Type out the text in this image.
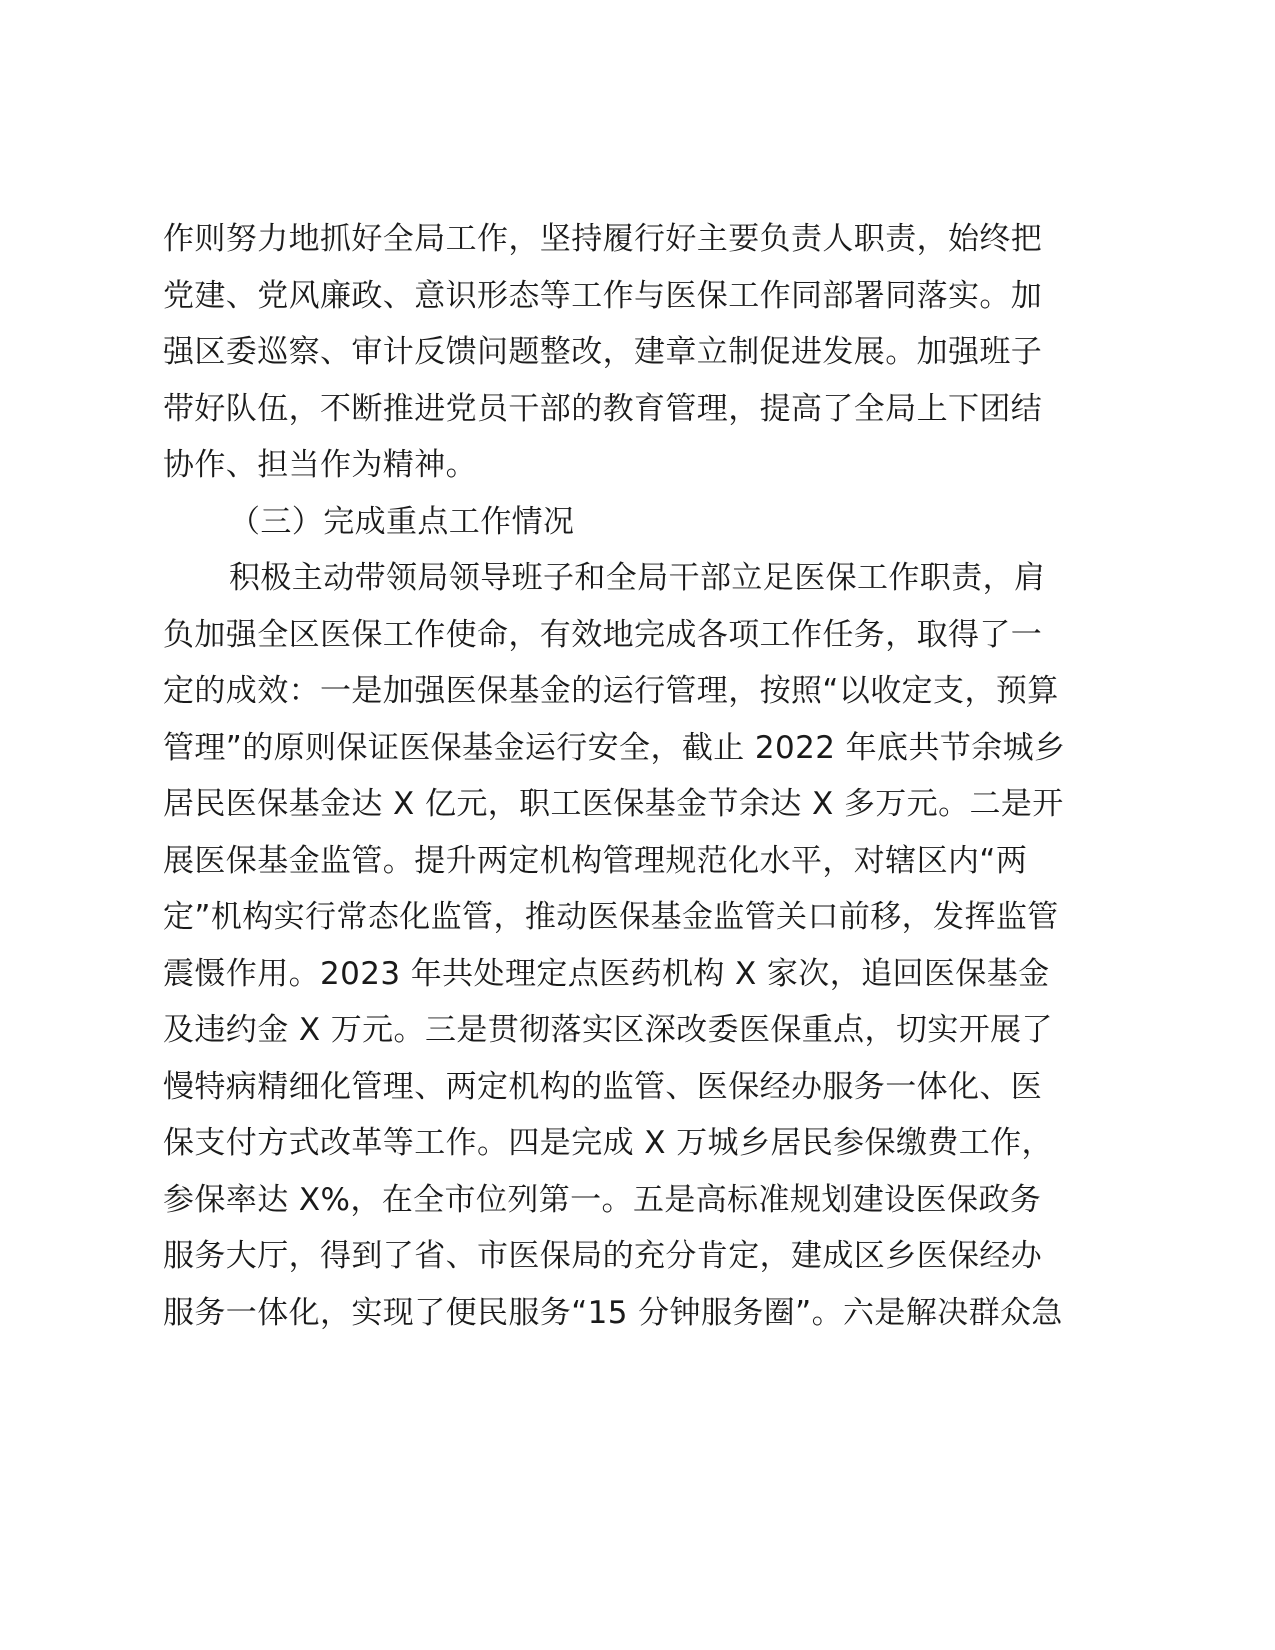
作则努力地抓好全局工作，坚持履行好主要负责人职责，始终把
党建、党风廉政、意识形态等工作与医保工作同部署同落实。加
强区委巡察、审计反馈问题整改，建章立制促进发展。加强班子
带好队伍，不断推进党员干部的教育管理，提高了全局上下团结
协作、担当作为精神。
（三）完成重点工作情况
积极主动带领局领导班子和全局干部立足医保工作职责，肩
负加强全区医保工作使命，有效地完成各项工作任务，取得了一
定的成效：一是加强医保基金的运行管理，按照“以收定支，预算
管理”的原则保证医保基金运行安全，截止 2022 年底共节余城乡
居民医保基金达 X 亿元，职工医保基金节余达 X 多万元。二是开
展医保基金监管。提升两定机构管理规范化水平，对辖区内“两
定”机构实行常态化监管，推动医保基金监管关口前移，发挥监管
震慑作用。2023 年共处理定点医药机构 X 家次，追回医保基金
及违约金 X 万元。三是贯彻落实区深改委医保重点，切实开展了
慢特病精细化管理、两定机构的监管、医保经办服务一体化、医
保支付方式改革等工作。四是完成 X 万城乡居民参保缴费工作，
参保率达 X%，在全市位列第一。五是高标准规划建设医保政务
服务大厅，得到了省、市医保局的充分肯定，建成区乡医保经办
服务一体化，实现了便民服务“15 分钟服务圈”。六是解决群众急
